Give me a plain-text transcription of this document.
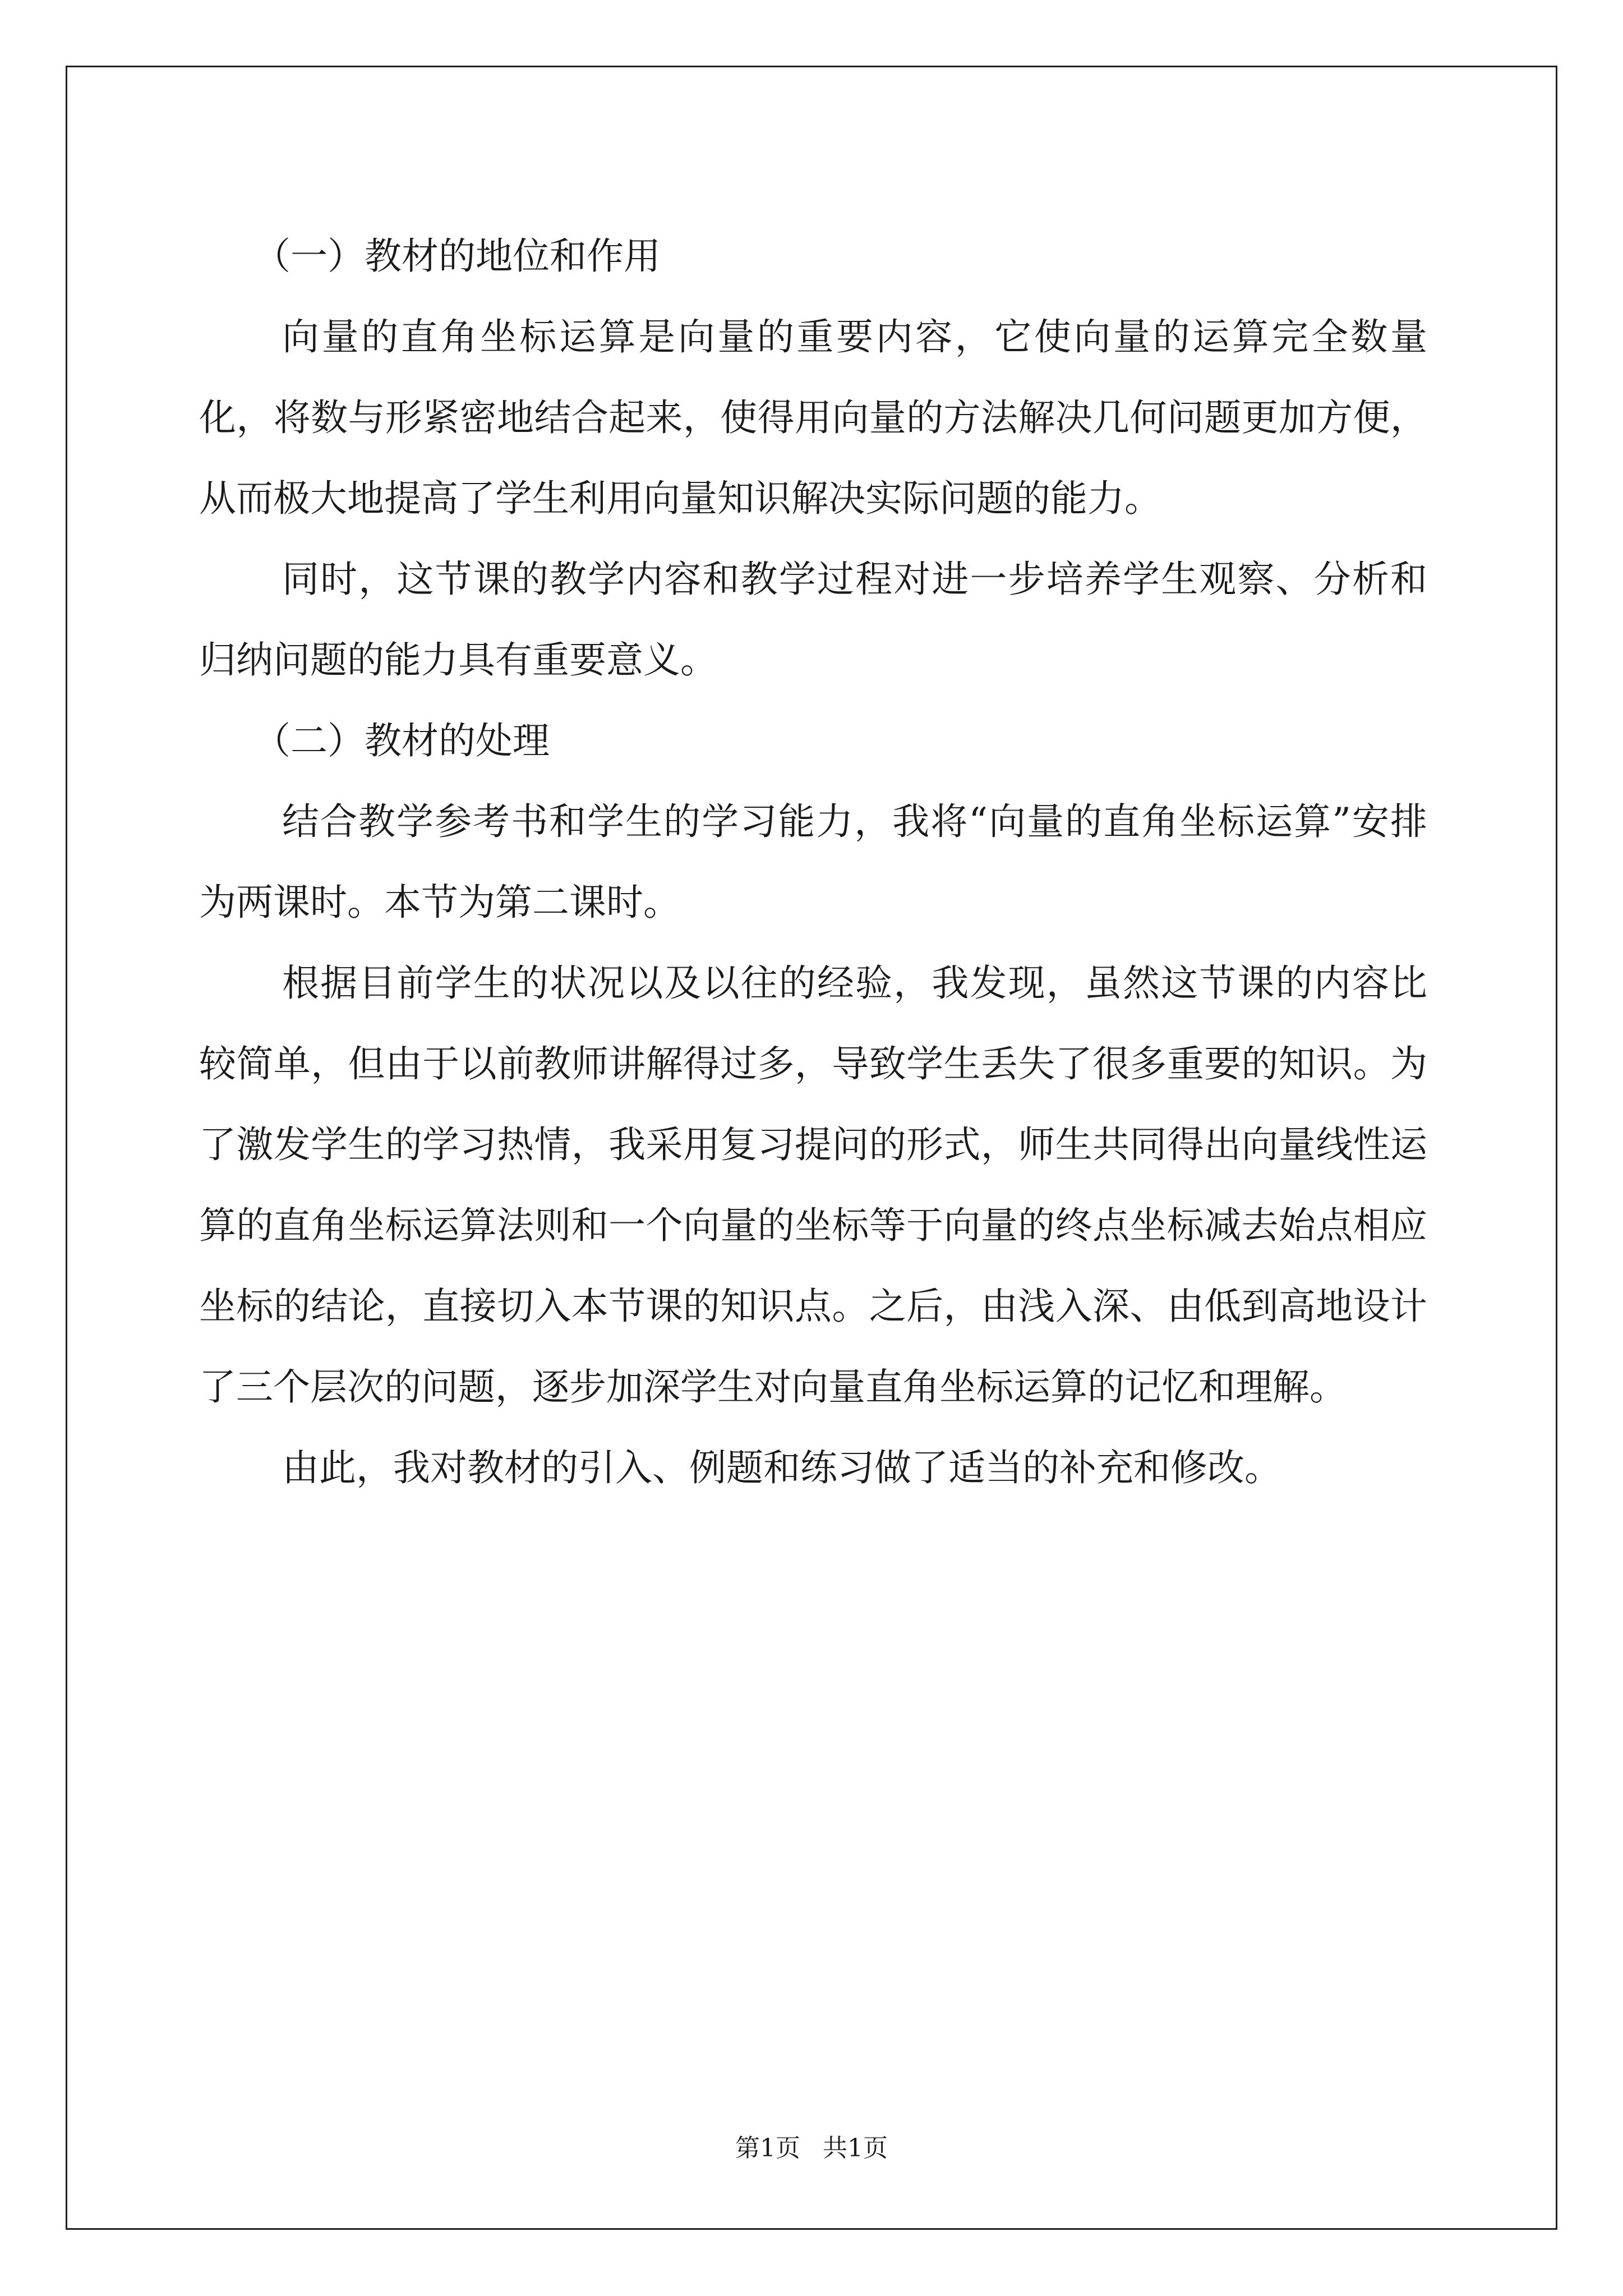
（一）教材的地位和作用

向量的直角坐标运算是向量的重要内容，它使向量的运算完全数量化，将数与形紧密地结合起来，使得用向量的方法解决几何问题更加方便，从而极大地提高了学生利用向量知识解决实际问题的能力。

同时，这节课的教学内容和教学过程对进一步培养学生观察、分析和归纳问题的能力具有重要意义。

（二）教材的处理

结合教学参考书和学生的学习能力，我将“向量的直角坐标运算”安排为两课时。本节为第二课时。

根据目前学生的状况以及以往的经验，我发现，虽然这节课的内容比较简单，但由于以前教师讲解得过多，导致学生丢失了很多重要的知识。为了激发学生的学习热情，我采用复习提问的形式，师生共同得出向量线性运算的直角坐标运算法则和一个向量的坐标等于向量的终点坐标减去始点相应坐标的结论，直接切入本节课的知识点。之后，由浅入深、由低到高地设计了三个层次的问题，逐步加深学生对向量直角坐标运算的记忆和理解。

由此，我对教材的引入、例题和练习做了适当的补充和修改。

第1页 共1页
